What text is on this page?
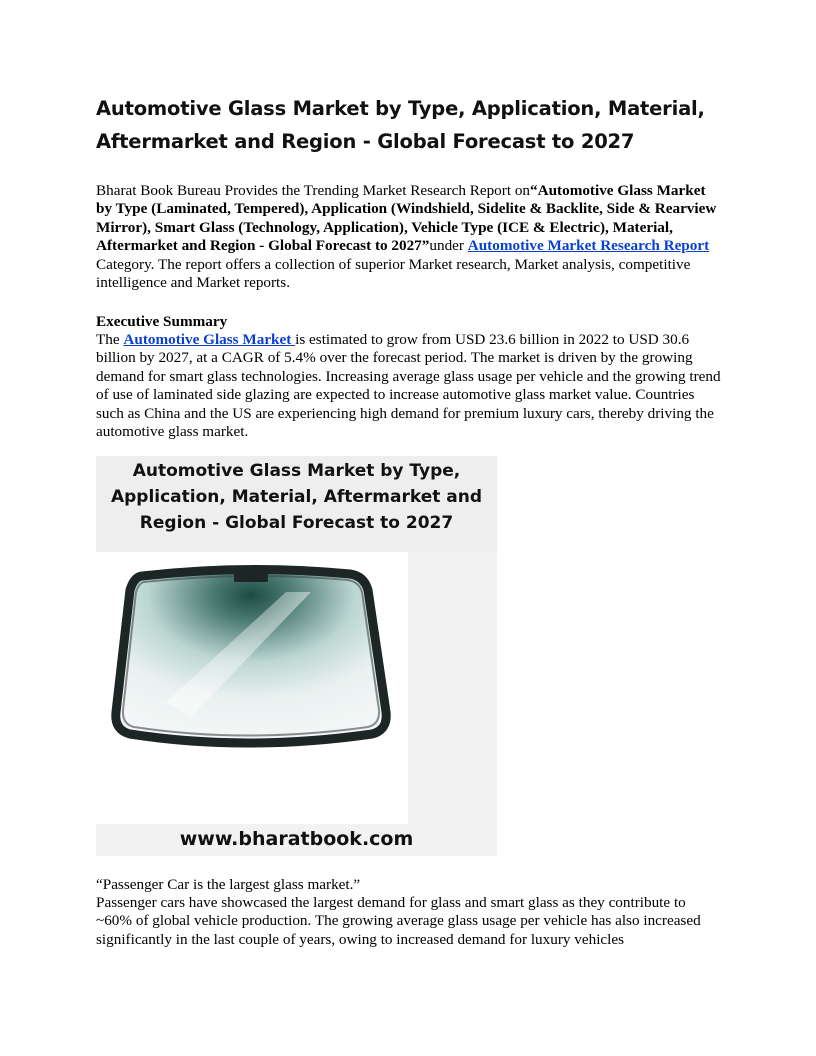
Automotive Glass Market by Type, Application, Material, Aftermarket and Region - Global Forecast to 2027

Bharat Book Bureau Provides the Trending Market Research Report on“Automotive Glass Market by Type (Laminated, Tempered), Application (Windshield, Sidelite & Backlite, Side & Rearview Mirror), Smart Glass (Technology, Application), Vehicle Type (ICE & Electric), Material, Aftermarket and Region - Global Forecast to 2027”under Automotive Market Research Report Category. The report offers a collection of superior Market research, Market analysis, competitive intelligence and Market reports.

Executive Summary

The Automotive Glass Market is estimated to grow from USD 23.6 billion in 2022 to USD 30.6 billion by 2027, at a CAGR of 5.4% over the forecast period. The market is driven by the growing demand for smart glass technologies. Increasing average glass usage per vehicle and the growing trend of use of laminated side glazing are expected to increase automotive glass market value. Countries such as China and the US are experiencing high demand for premium luxury cars, thereby driving the automotive glass market.

Automotive Glass Market by Type, Application, Material, Aftermarket and Region - Global Forecast to 2027
www.bharatbook.com

“Passenger Car is the largest glass market.”

Passenger cars have showcased the largest demand for glass and smart glass as they contribute to ~60% of global vehicle production. The growing average glass usage per vehicle has also increased significantly in the last couple of years, owing to increased demand for luxury vehicles
